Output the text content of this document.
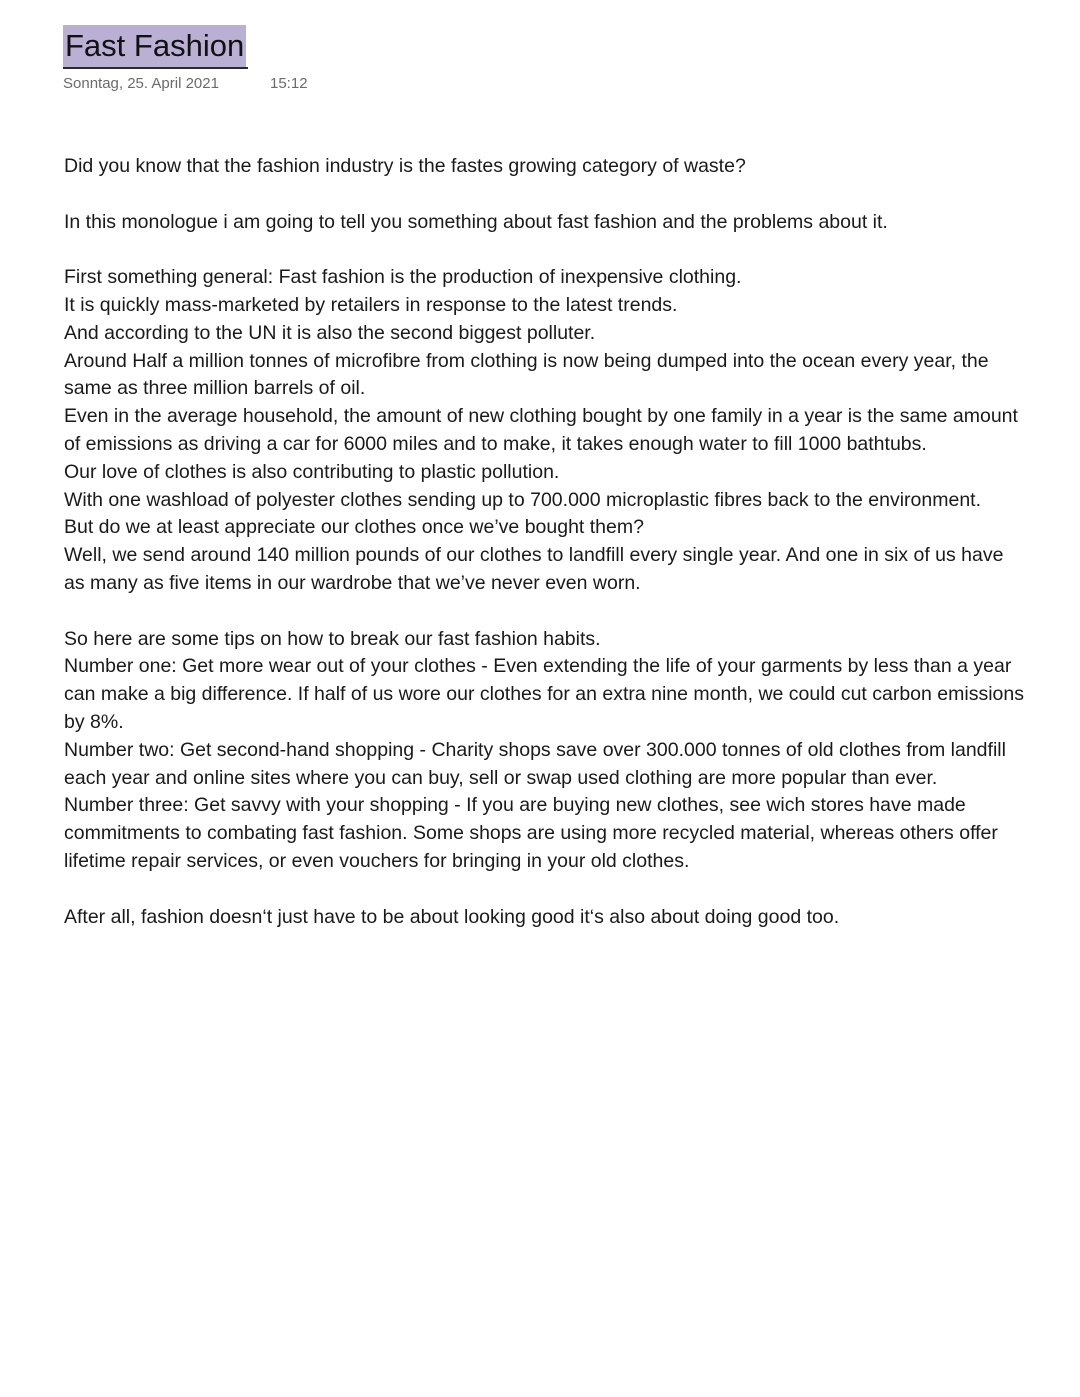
Fast Fashion
Sonntag, 25. April 2021	15:12

Did you know that the fashion industry is the fastes growing category of waste?

In this monologue i am going to tell you something about fast fashion and the problems about it.

First something general: Fast fashion is the production of inexpensive clothing.

It is quickly mass-marketed by retailers in response to the latest trends.

And according to the UN it is also the second biggest polluter.

Around Half a million tonnes of microfibre from clothing is now being dumped into the ocean every year, the same as three million barrels of oil.

Even in the average household, the amount of new clothing bought by one family in a year is the same amount of emissions as driving a car for 6000 miles and to make, it takes enough water to fill 1000 bathtubs.

Our love of clothes is also contributing to plastic pollution.

With one washload of polyester clothes sending up to 700.000 microplastic fibres back to the environment.

But do we at least appreciate our clothes once we’ve bought them?

Well, we send around 140 million pounds of our clothes to landfill every single year. And one in six of us have as many as five items in our wardrobe that we’ve never even worn.

So here are some tips on how to break our fast fashion habits.

Number one: Get more wear out of your clothes - Even extending the life of your garments by less than a year can make a big difference. If half of us wore our clothes for an extra nine month, we could cut carbon emissions by 8%.

Number two: Get second-hand shopping - Charity shops save over 300.000 tonnes of old clothes from landfill each year and online sites where you can buy, sell or swap used clothing are more popular than ever.

Number three: Get savvy with your shopping - If you are buying new clothes, see wich stores have made commitments to combating fast fashion. Some shops are using more recycled material, whereas others offer lifetime repair services, or even vouchers for bringing in your old clothes.

After all, fashion doesn‘t just have to be about looking good it‘s also about doing good too.
